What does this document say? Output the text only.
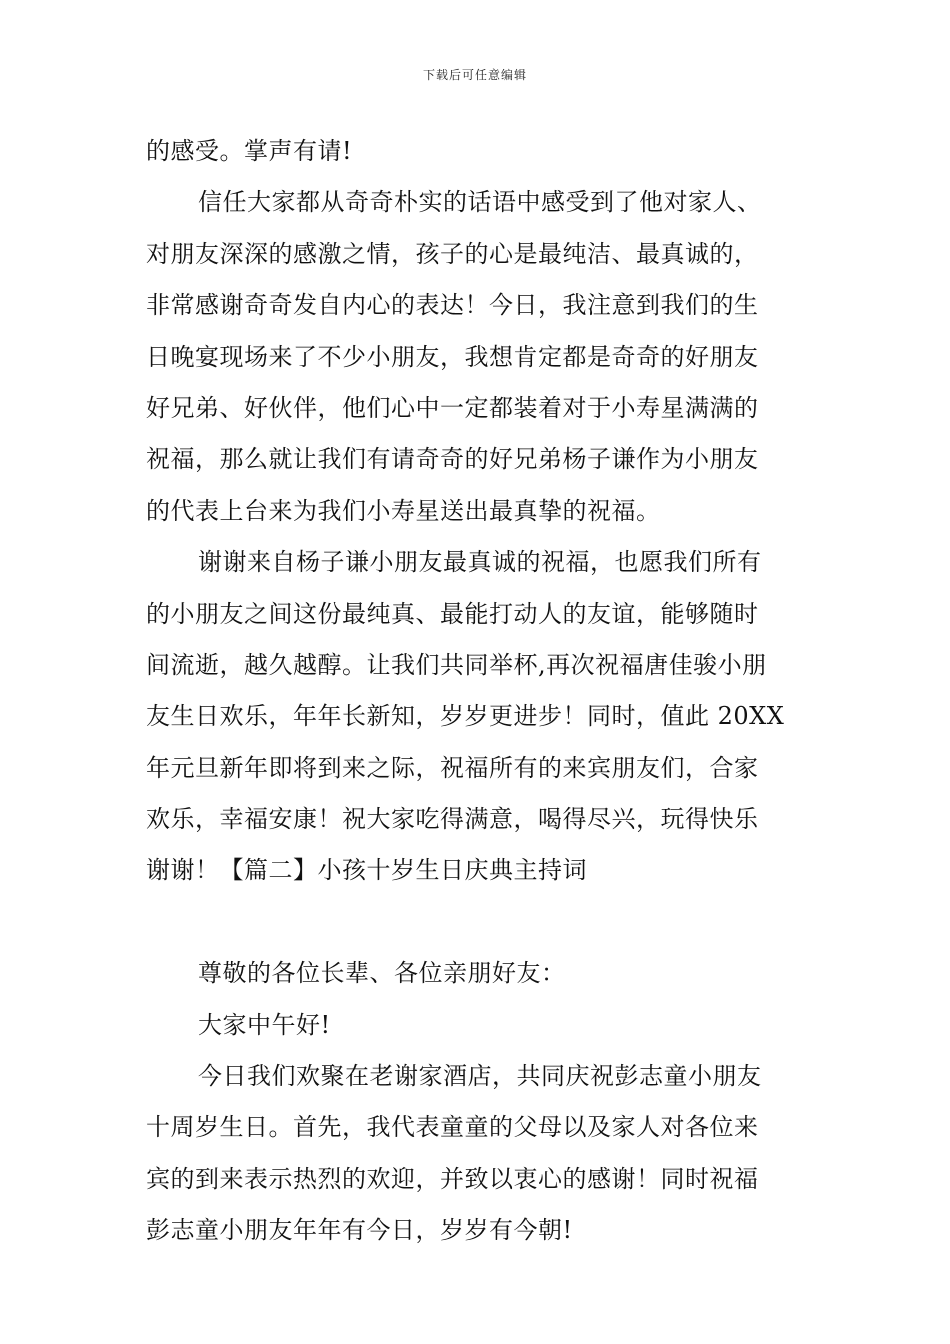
下载后可任意编辑
的感受。掌声有请!
信任大家都从奇奇朴实的话语中感受到了他对家人、
对朋友深深的感激之情，孩子的心是最纯洁、最真诚的，
非常感谢奇奇发自内心的表达！今日，我注意到我们的生
日晚宴现场来了不少小朋友，我想肯定都是奇奇的好朋友
好兄弟、好伙伴，他们心中一定都装着对于小寿星满满的
祝福，那么就让我们有请奇奇的好兄弟杨子谦作为小朋友
的代表上台来为我们小寿星送出最真挚的祝福。
谢谢来自杨子谦小朋友最真诚的祝福，也愿我们所有
的小朋友之间这份最纯真、最能打动人的友谊，能够随时
间流逝，越久越醇。让我们共同举杯,再次祝福唐佳骏小朋
友生日欢乐，年年长新知，岁岁更进步！同时，值此 20XX
年元旦新年即将到来之际，祝福所有的来宾朋友们，合家
欢乐，幸福安康！祝大家吃得满意，喝得尽兴，玩得快乐
谢谢！【篇二】小孩十岁生日庆典主持词
尊敬的各位长辈、各位亲朋好友：
大家中午好!
今日我们欢聚在老谢家酒店，共同庆祝彭志童小朋友
十周岁生日。首先，我代表童童的父母以及家人对各位来
宾的到来表示热烈的欢迎，并致以衷心的感谢！同时祝福
彭志童小朋友年年有今日，岁岁有今朝!
